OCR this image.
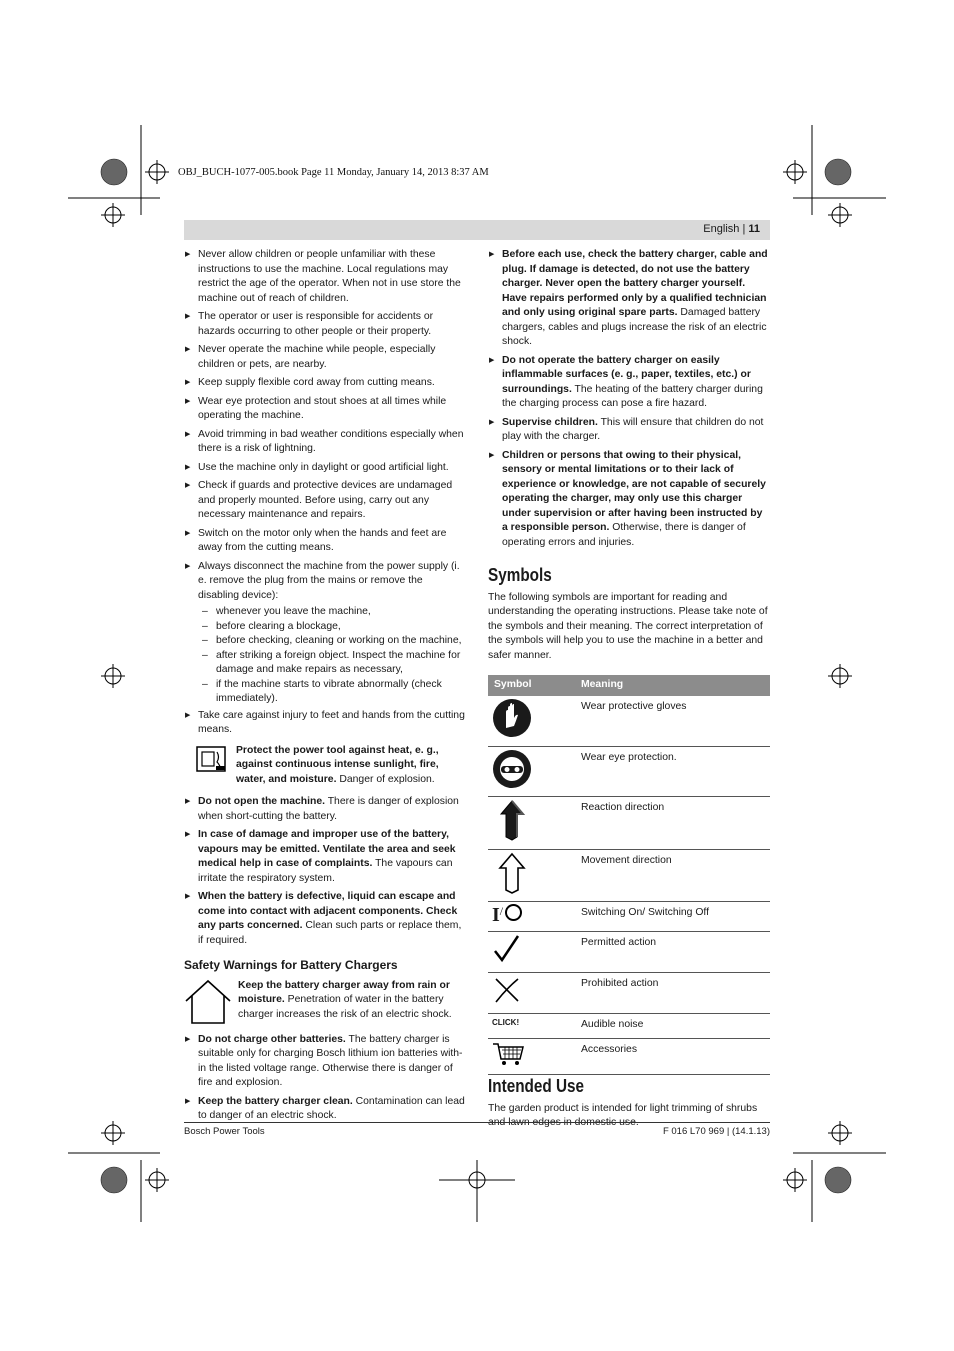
OBJ_BUCH-1077-005.book Page 11 Monday, January 14, 2013 8:37 AM
English | 11
▶ Never allow children or people unfamiliar with these instructions to use the machine. Local regulations may restrict the age of the operator. When not in use store the machine out of reach of children.
▶ The operator or user is responsible for accidents or hazards occurring to other people or their property.
▶ Never operate the machine while people, especially children or pets, are nearby.
▶ Keep supply flexible cord away from cutting means.
▶ Wear eye protection and stout shoes at all times while operating the machine.
▶ Avoid trimming in bad weather conditions especially when there is a risk of lightning.
▶ Use the machine only in daylight or good artificial light.
▶ Check if guards and protective devices are undamaged and properly mounted. Before using, carry out any necessary maintenance and repairs.
▶ Switch on the motor only when the hands and feet are away from the cutting means.
▶ Always disconnect the machine from the power supply (i. e. remove the plug from the mains or remove the disabling device):
– whenever you leave the machine,
– before clearing a blockage,
– before checking, cleaning or working on the machine,
– after striking a foreign object. Inspect the machine for damage and make repairs as necessary,
– if the machine starts to vibrate abnormally (check immediately).
▶ Take care against injury to feet and hands from the cutting means.
Protect the power tool against heat, e. g., against continuous intense sunlight, fire, water, and moisture. Danger of explosion.
▶ Do not open the machine. There is danger of explosion when short-cutting the battery.
▶ In case of damage and improper use of the battery, vapours may be emitted. Ventilate the area and seek medical help in case of complaints. The vapours can irritate the respiratory system.
▶ When the battery is defective, liquid can escape and come into contact with adjacent components. Check any parts concerned. Clean such parts or replace them, if required.
Safety Warnings for Battery Chargers
Keep the battery charger away from rain or moisture. Penetration of water in the battery charger increases the risk of an electric shock.
▶ Do not charge other batteries. The battery charger is suitable only for charging Bosch lithium ion batteries with-in the listed voltage range. Otherwise there is danger of fire and explosion.
▶ Keep the battery charger clean. Contamination can lead to danger of an electric shock.
▶ Before each use, check the battery charger, cable and plug. If damage is detected, do not use the battery charger. Never open the battery charger yourself. Have repairs performed only by a qualified technician and only using original spare parts. Damaged battery chargers, cables and plugs increase the risk of an electric shock.
▶ Do not operate the battery charger on easily inflammable surfaces (e. g., paper, textiles, etc.) or surroundings. The heating of the battery charger during the charging process can pose a fire hazard.
▶ Supervise children. This will ensure that children do not play with the charger.
▶ Children or persons that owing to their physical, sensory or mental limitations or to their lack of experience or knowledge, are not capable of securely operating the charger, may only use this charger under supervision or after having been instructed by a responsible person. Otherwise, there is danger of operating errors and injuries.
Symbols

The following symbols are important for reading and understanding the operating instructions. Please take note of the symbols and their meaning. The correct interpretation of the symbols will help you to use the machine in a better and safer manner.

Symbol	Meaning
	Wear protective gloves
	Wear eye protection.
	Reaction direction
	Movement direction
I/	Switching On/ Switching Off
	Permitted action
	Prohibited action
CLICK!	Audible noise
	Accessories
Intended Use

The garden product is intended for light trimming of shrubs

Bosch Power Tools	F 016 L70 969 | (14.1.13)
